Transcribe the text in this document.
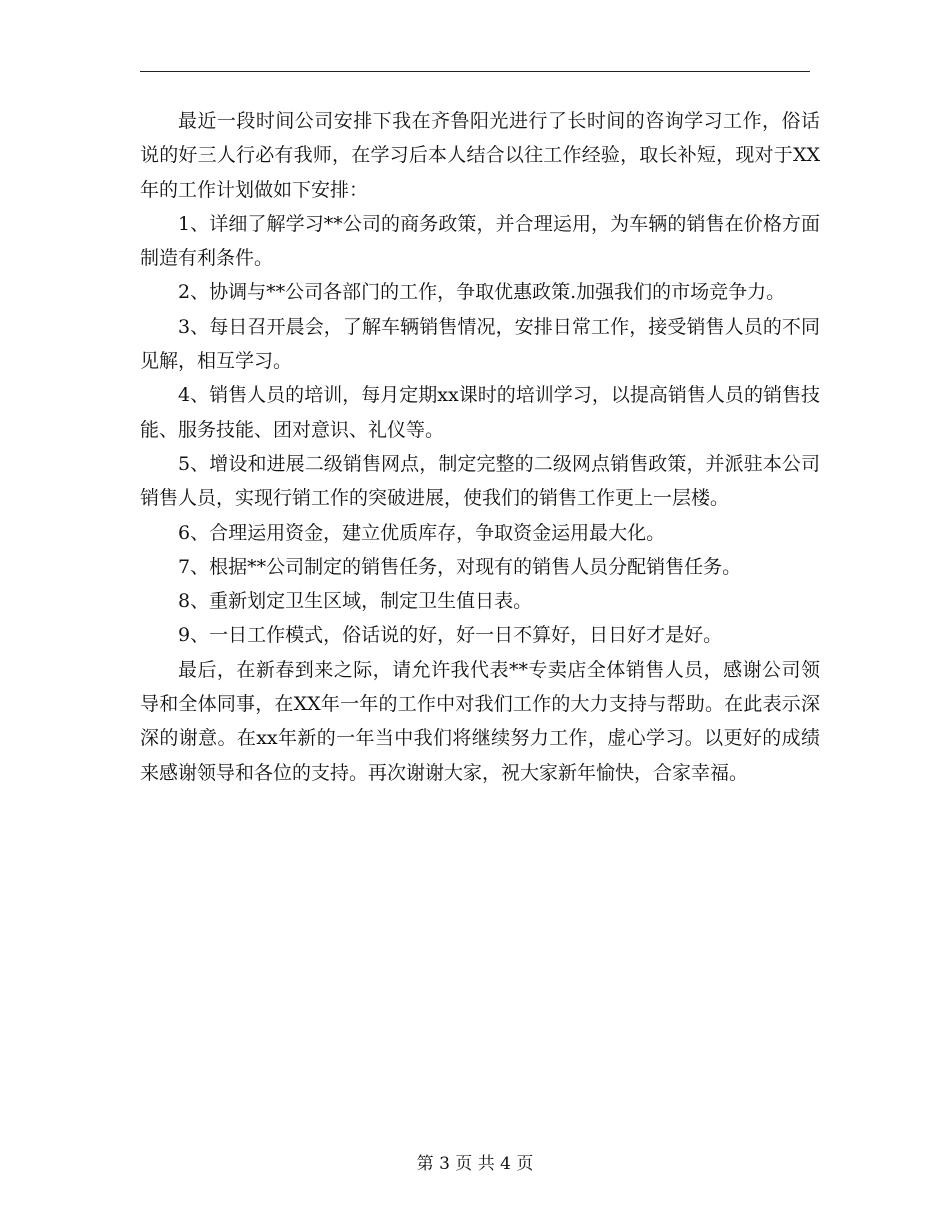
最近一段时间公司安排下我在齐鲁阳光进行了长时间的咨询学习工作，俗话说的好三人行必有我师，在学习后本人结合以往工作经验，取长补短，现对于XX年的工作计划做如下安排：

1、详细了解学习**公司的商务政策，并合理运用，为车辆的销售在价格方面制造有利条件。

2、协调与**公司各部门的工作，争取优惠政策.加强我们的市场竞争力。

3、每日召开晨会，了解车辆销售情况，安排日常工作，接受销售人员的不同见解，相互学习。

4、销售人员的培训，每月定期xx课时的培训学习，以提高销售人员的销售技能、服务技能、团对意识、礼仪等。

5、增设和进展二级销售网点，制定完整的二级网点销售政策，并派驻本公司销售人员，实现行销工作的突破进展，使我们的销售工作更上一层楼。

6、合理运用资金，建立优质库存，争取资金运用最大化。

7、根据**公司制定的销售任务，对现有的销售人员分配销售任务。

8、重新划定卫生区域，制定卫生值日表。

9、一日工作模式，俗话说的好，好一日不算好，日日好才是好。

最后，在新春到来之际，请允许我代表**专卖店全体销售人员，感谢公司领导和全体同事，在XX年一年的工作中对我们工作的大力支持与帮助。在此表示深深的谢意。在xx年新的一年当中我们将继续努力工作，虚心学习。以更好的成绩来感谢领导和各位的支持。再次谢谢大家，祝大家新年愉快，合家幸福。

第 3 页 共 4 页
